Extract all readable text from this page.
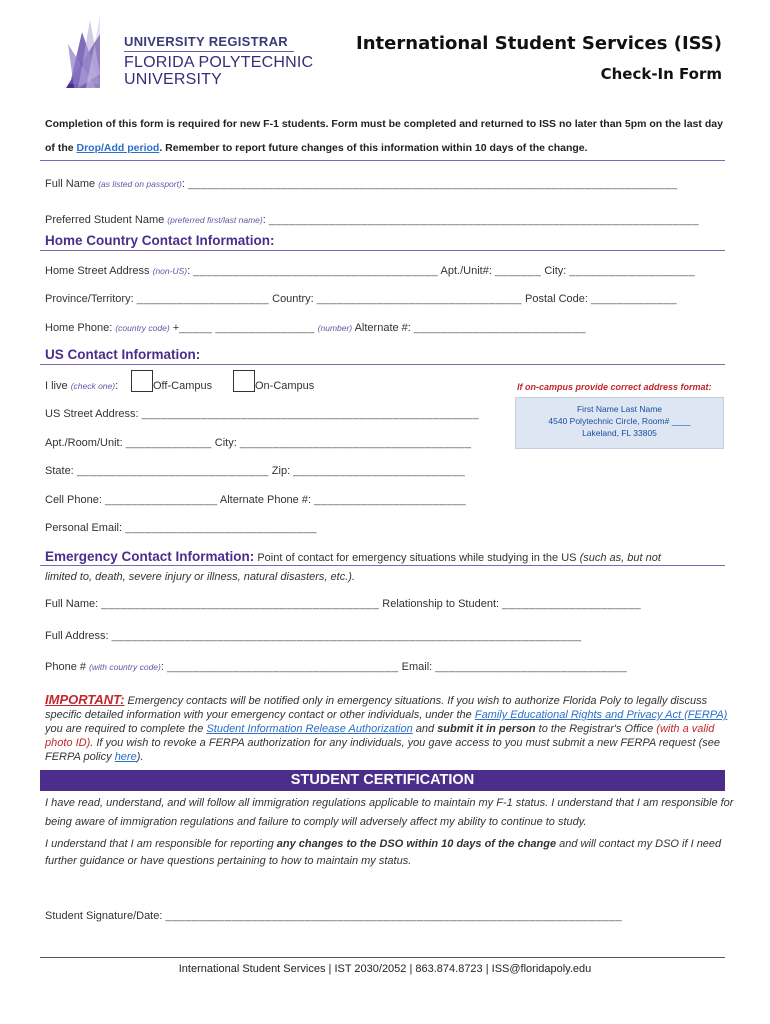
UNIVERSITY REGISTRAR
FLORIDA POLYTECHNIC
UNIVERSITY
International Student Services (ISS)
Check-In Form
Completion of this form is required for new F-1 students. Form must be completed and returned to ISS no later than 5pm on the last day of the Drop/Add period. Remember to report future changes of this information within 10 days of the change.
Full Name (as listed on passport): __________________________________________________________________________
Preferred Student Name (preferred first/last name): _________________________________________________________________
Home Country Contact Information:
Home Street Address (non-US): _____________________________________ Apt./Unit#: _______ City: ___________________
Province/Territory: ____________________ Country: _______________________________ Postal Code: _____________
Home Phone: (country code) +_____ _______________ (number) Alternate #: __________________________
US Contact Information:
I live (check one):	Off-Campus	On-Campus	If on-campus provide correct address format:
First Name Last Name
4540 Polytechnic Circle, Room# ____
Lakeland, FL 33805
US Street Address: ___________________________________________________
Apt./Room/Unit: _____________ City: ___________________________________
State: _____________________________ Zip: __________________________
Cell Phone: _________________ Alternate Phone #: _______________________
Personal Email: _____________________________
Emergency Contact Information: Point of contact for emergency situations while studying in the US (such as, but not
limited to, death, severe injury or illness, natural disasters, etc.).
Full Name: __________________________________________ Relationship to Student: _____________________
Full Address: _______________________________________________________________________
Phone # (with country code): ___________________________________ Email: _____________________________
IMPORTANT: Emergency contacts will be notified only in emergency situations. If you wish to authorize Florida Poly to legally discuss specific detailed information with your emergency contact or other individuals, under the Family Educational Rights and Privacy Act (FERPA) you are required to complete the Student Information Release Authorization and submit it in person to the Registrar's Office (with a valid photo ID). If you wish to revoke a FERPA authorization for any individuals, you gave access to you must submit a new FERPA request (see FERPA policy here).
STUDENT CERTIFICATION
I have read, understand, and will follow all immigration regulations applicable to maintain my F-1 status. I understand that I am responsible for being aware of immigration regulations and failure to comply will adversely affect my ability to continue to study.
I understand that I am responsible for reporting any changes to the DSO within 10 days of the change and will contact my DSO if I need further guidance or have questions pertaining to how to maintain my status.
Student Signature/Date: _____________________________________________________________________
International Student Services | IST 2030/2052 | 863.874.8723 | ISS@floridapoly.edu
